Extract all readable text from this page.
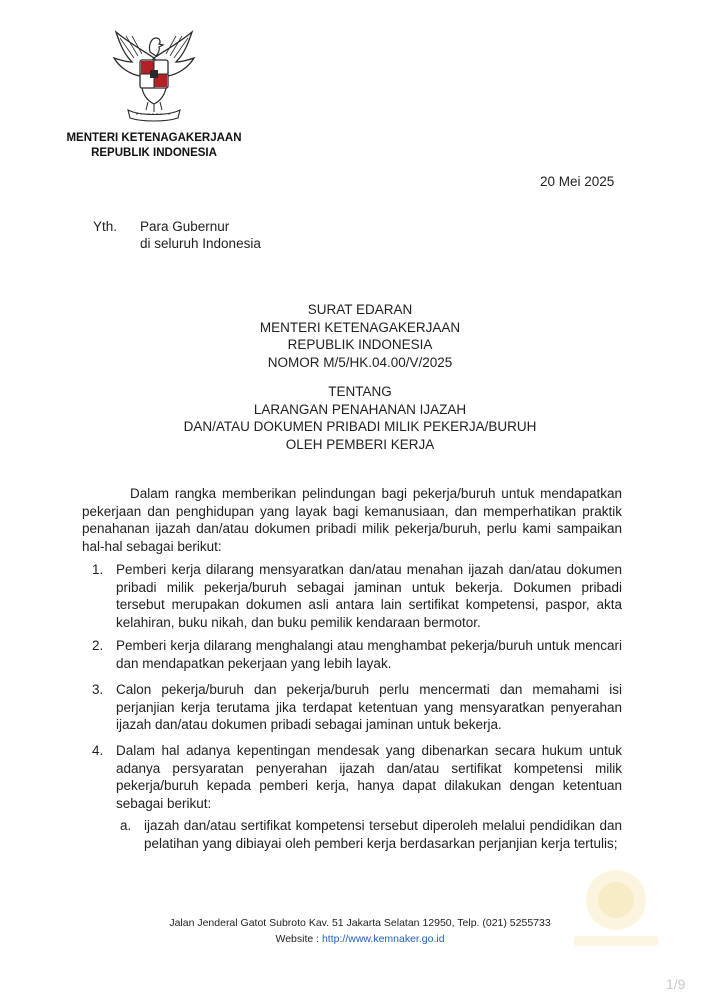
MENTERI KETENAGAKERJAAN
REPUBLIK INDONESIA
20 Mei 2025
Yth. Para Gubernur
di seluruh Indonesia
SURAT EDARAN
MENTERI KETENAGAKERJAAN
REPUBLIK INDONESIA
NOMOR M/5/HK.04.00/V/2025
TENTANG
LARANGAN PENAHANAN IJAZAH
DAN/ATAU DOKUMEN PRIBADI MILIK PEKERJA/BURUH
OLEH PEMBERI KERJA
Dalam rangka memberikan pelindungan bagi pekerja/buruh untuk mendapatkan pekerjaan dan penghidupan yang layak bagi kemanusiaan, dan memperhatikan praktik penahanan ijazah dan/atau dokumen pribadi milik pekerja/buruh, perlu kami sampaikan hal-hal sebagai berikut:
1. Pemberi kerja dilarang mensyaratkan dan/atau menahan ijazah dan/atau dokumen pribadi milik pekerja/buruh sebagai jaminan untuk bekerja. Dokumen pribadi tersebut merupakan dokumen asli antara lain sertifikat kompetensi, paspor, akta kelahiran, buku nikah, dan buku pemilik kendaraan bermotor.
2. Pemberi kerja dilarang menghalangi atau menghambat pekerja/buruh untuk mencari dan mendapatkan pekerjaan yang lebih layak.
3. Calon pekerja/buruh dan pekerja/buruh perlu mencermati dan memahami isi perjanjian kerja terutama jika terdapat ketentuan yang mensyaratkan penyerahan ijazah dan/atau dokumen pribadi sebagai jaminan untuk bekerja.
4. Dalam hal adanya kepentingan mendesak yang dibenarkan secara hukum untuk adanya persyaratan penyerahan ijazah dan/atau sertifikat kompetensi milik pekerja/buruh kepada pemberi kerja, hanya dapat dilakukan dengan ketentuan sebagai berikut:
a. ijazah dan/atau sertifikat kompetensi tersebut diperoleh melalui pendidikan dan pelatihan yang dibiayai oleh pemberi kerja berdasarkan perjanjian kerja tertulis;
Jalan Jenderal Gatot Subroto Kav. 51 Jakarta Selatan 12950, Telp. (021) 5255733
Website : http://www.kemnaker.go.id
1/9
